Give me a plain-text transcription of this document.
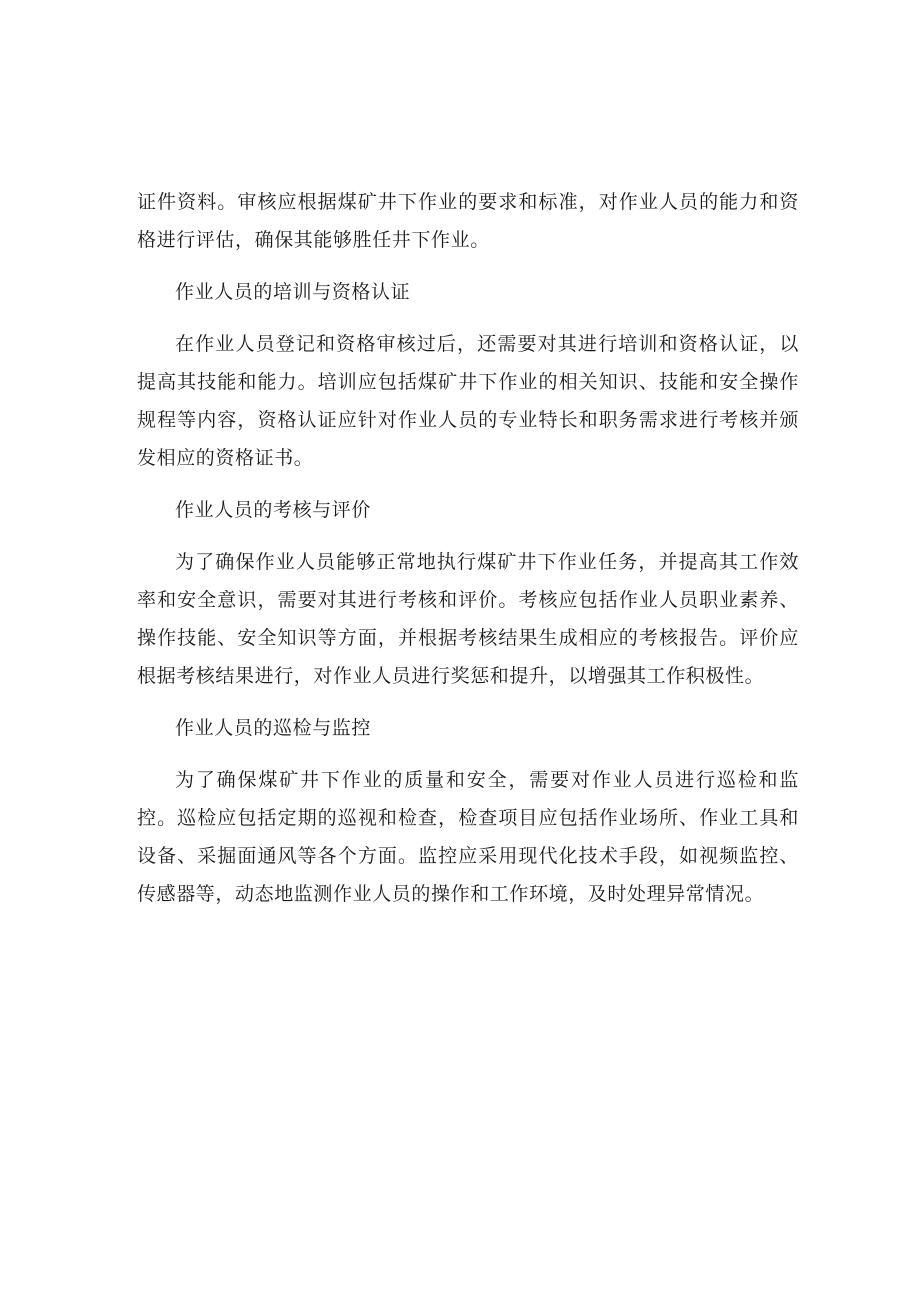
证件资料。审核应根据煤矿井下作业的要求和标准，对作业人员的能力和资格进行评估，确保其能够胜任井下作业。

作业人员的培训与资格认证

在作业人员登记和资格审核过后，还需要对其进行培训和资格认证，以提高其技能和能力。培训应包括煤矿井下作业的相关知识、技能和安全操作规程等内容，资格认证应针对作业人员的专业特长和职务需求进行考核并颁发相应的资格证书。

作业人员的考核与评价

为了确保作业人员能够正常地执行煤矿井下作业任务，并提高其工作效率和安全意识，需要对其进行考核和评价。考核应包括作业人员职业素养、操作技能、安全知识等方面，并根据考核结果生成相应的考核报告。评价应根据考核结果进行，对作业人员进行奖惩和提升，以增强其工作积极性。

作业人员的巡检与监控

为了确保煤矿井下作业的质量和安全，需要对作业人员进行巡检和监控。巡检应包括定期的巡视和检查，检查项目应包括作业场所、作业工具和设备、采掘面通风等各个方面。监控应采用现代化技术手段，如视频监控、传感器等，动态地监测作业人员的操作和工作环境，及时处理异常情况。
